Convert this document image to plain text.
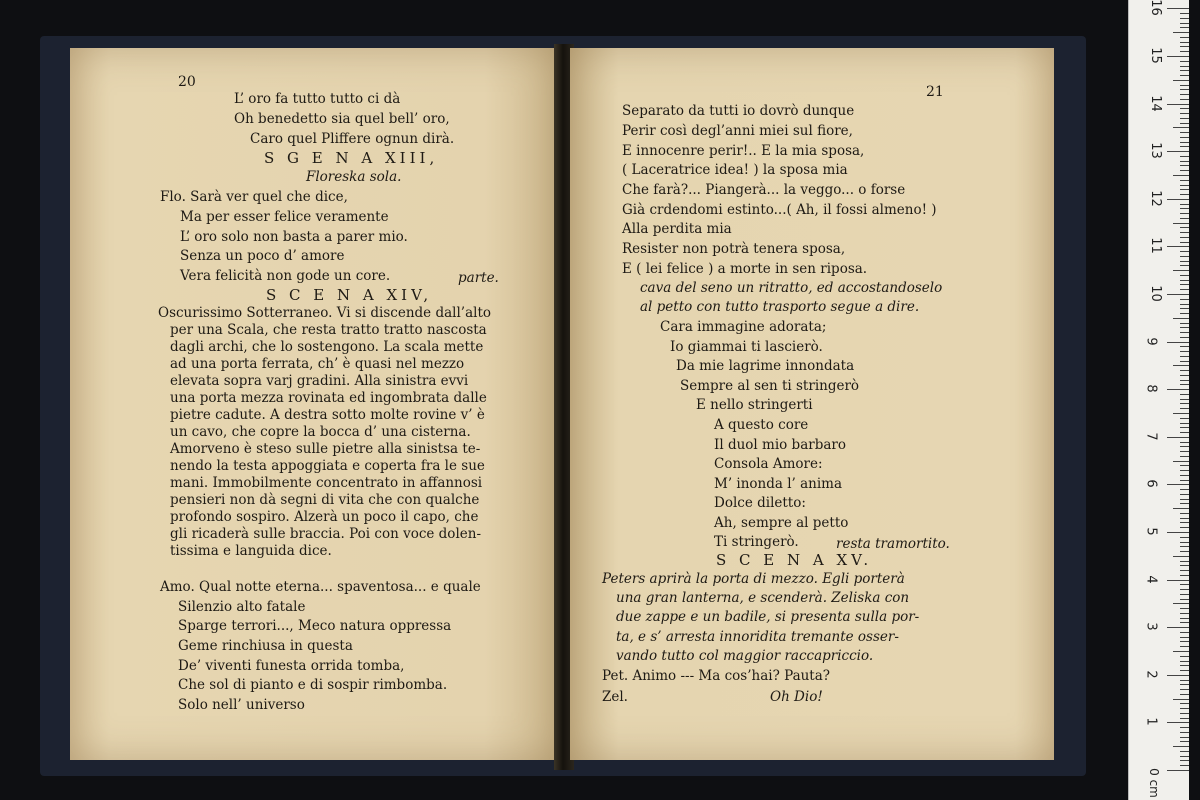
20
L’ oro fa tutto tutto ci dà
Oh benedetto sia quel bell’ oro,
Caro quel Pliffere ognun dirà.
S G E N A XIII,
Floreska sola.
Flo. Sarà ver quel che dice,
Ma per esser felice veramente
L’ oro solo non basta a parer mio.
Senza un poco d’ amore
Vera felicità non gode un core.	parte.
S C E N A XIV,
Oscurissimo Sotterraneo. Vi si discende dall’alto
per una Scala, che resta tratto tratto nascosta
dagli archi, che lo sostengono. La scala mette
ad una porta ferrata, ch’ è quasi nel mezzo
elevata sopra varj gradini. Alla sinistra evvi
una porta mezza rovinata ed ingombrata dalle
pietre cadute. A destra sotto molte rovine v’ è
un cavo, che copre la bocca d’ una cisterna.
Amorveno è steso sulle pietre alla sinistsa te-
nendo la testa appoggiata e coperta fra le sue
mani. Immobilmente concentrato in affannosi
pensieri non dà segni di vita che con qualche
profondo sospiro. Alzerà un poco il capo, che
gli ricaderà sulle braccia. Poi con voce dolen-
tissima e languida dice.
Amo. Qual notte eterna... spaventosa... e quale
Silenzio alto fatale
Sparge terrori..., Meco natura oppressa
Geme rinchiusa in questa
De’ viventi funesta orrida tomba,
Che sol di pianto e di sospir rimbomba.
Solo nell’ universo
21
Separato da tutti io dovrò dunque
Perir così degl’anni miei sul fiore,
E innocenre perir!.. E la mia sposa,
( Laceratrice idea! ) la sposa mia
Che farà?... Piangerà... la veggo... o forse
Già crdendomi estinto...( Ah, il fossi almeno! )
Alla perdita mia
Resister non potrà tenera sposa,
E ( lei felice ) a morte in sen riposa.
cava del seno un ritratto, ed accostandoselo
al petto con tutto trasporto segue a dire.
Cara immagine adorata;
Io giammai ti lascierò.
Da mie lagrime innondata
Sempre al sen ti stringerò
E nello stringerti
A questo core
Il duol mio barbaro
Consola Amore:
M’ inonda l’ anima
Dolce diletto:
Ah, sempre al petto
Ti stringerò.	resta tramortito.
S C E N A XV.
Peters aprirà la porta di mezzo. Egli porterà
una gran lanterna, e scenderà. Zeliska con
due zappe e un badile, si presenta sulla por-
ta, e s’ arresta innoridita tremante osser-
vando tutto col maggior raccapriccio.
Pet. Animo --- Ma cos’hai? Pauta?
Zel.	Oh Dio!
1
2
3
4
5
6
7
8
9
10
11
12
13
14
15
16
0 cm
